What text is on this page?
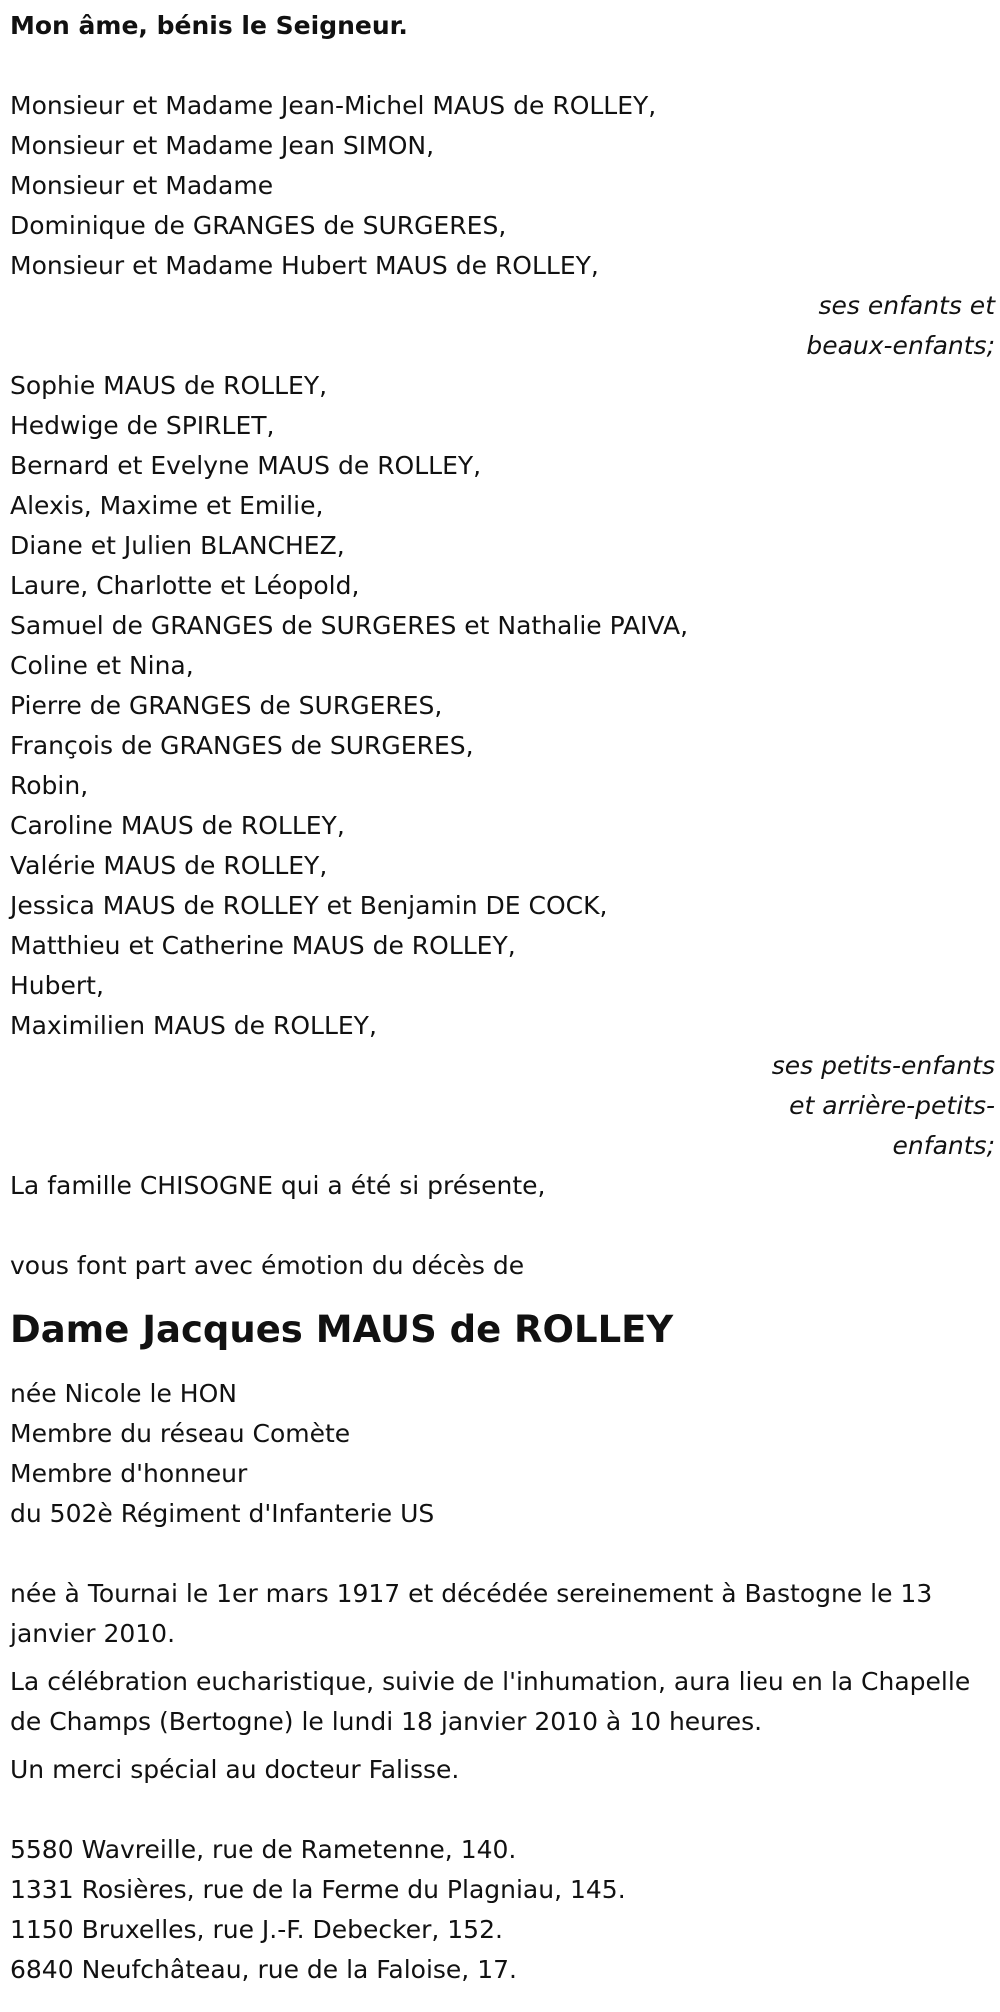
Mon âme, bénis le Seigneur.
Monsieur et Madame Jean-Michel MAUS de ROLLEY,
Monsieur et Madame Jean SIMON,
Monsieur et Madame
Dominique de GRANGES de SURGERES,
Monsieur et Madame Hubert MAUS de ROLLEY,
ses enfants et
beaux-enfants;
Sophie MAUS de ROLLEY,
Hedwige de SPIRLET,
Bernard et Evelyne MAUS de ROLLEY,
Alexis, Maxime et Emilie,
Diane et Julien BLANCHEZ,
Laure, Charlotte et Léopold,
Samuel de GRANGES de SURGERES et Nathalie PAIVA,
Coline et Nina,
Pierre de GRANGES de SURGERES,
François de GRANGES de SURGERES,
Robin,
Caroline MAUS de ROLLEY,
Valérie MAUS de ROLLEY,
Jessica MAUS de ROLLEY et Benjamin DE COCK,
Matthieu et Catherine MAUS de ROLLEY,
Hubert,
Maximilien MAUS de ROLLEY,
ses petits-enfants
et arrière-petits-
enfants;
La famille CHISOGNE qui a été si présente,
vous font part avec émotion du décès de
Dame Jacques MAUS de ROLLEY
née Nicole le HON
Membre du réseau Comète
Membre d'honneur
du 502è Régiment d'Infanterie US
née à Tournai le 1er mars 1917 et décédée sereinement à Bastogne le 13 janvier 2010.
La célébration eucharistique, suivie de l'inhumation, aura lieu en la Chapelle de Champs (Bertogne) le lundi 18 janvier 2010 à 10 heures.
Un merci spécial au docteur Falisse.
5580 Wavreille, rue de Rametenne, 140.
1331 Rosières, rue de la Ferme du Plagniau, 145.
1150 Bruxelles, rue J.-F. Debecker, 152.
6840 Neufchâteau, rue de la Faloise, 17.
